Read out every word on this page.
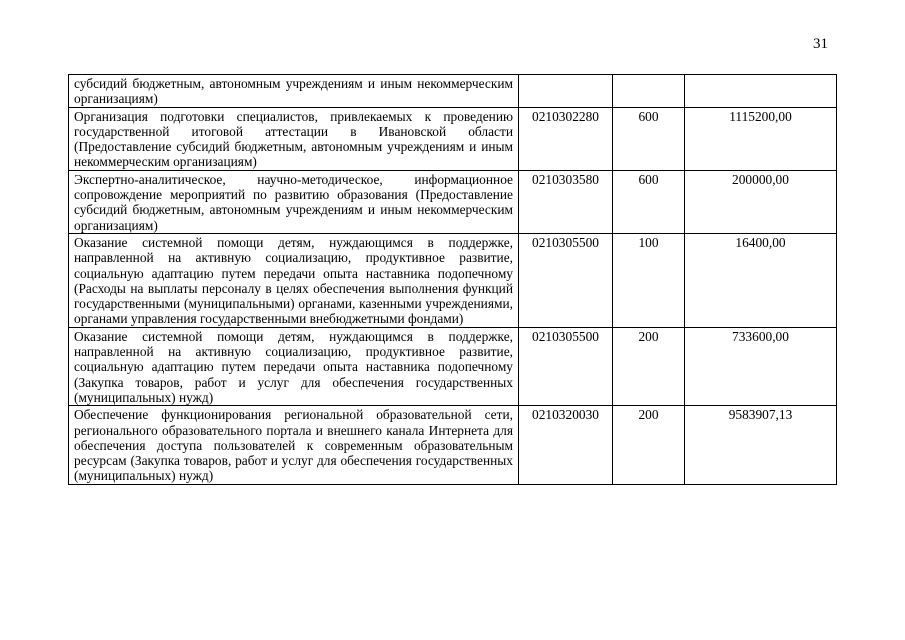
31
субсидий бюджетным, автономным учреждениям и иным некоммерческим организациям)			
Организация подготовки специалистов, привлекаемых к проведению государственной итоговой аттестации в Ивановской области (Предоставление субсидий бюджетным, автономным учреждениям и иным некоммерческим организациям)	0210302280	600	1115200,00
Экспертно-аналитическое, научно-методическое, информационное сопровождение мероприятий по развитию образования (Предоставление субсидий бюджетным, автономным учреждениям и иным некоммерческим организациям)	0210303580	600	200000,00
Оказание системной помощи детям, нуждающимся в поддержке, направленной на активную социализацию, продуктивное развитие, социальную адаптацию путем передачи опыта наставника подопечному (Расходы на выплаты персоналу в целях обеспечения выполнения функций государственными (муниципальными) органами, казенными учреждениями, органами управления государственными внебюджетными фондами)	0210305500	100	16400,00
Оказание системной помощи детям, нуждающимся в поддержке, направленной на активную социализацию, продуктивное развитие, социальную адаптацию путем передачи опыта наставника подопечному (Закупка товаров, работ и услуг для обеспечения государственных (муниципальных) нужд)	0210305500	200	733600,00
Обеспечение функционирования региональной образовательной сети, регионального образовательного портала и внешнего канала Интернета для обеспечения доступа пользователей к современным образовательным ресурсам (Закупка товаров, работ и услуг для обеспечения государственных (муниципальных) нужд)	0210320030	200	9583907,13
